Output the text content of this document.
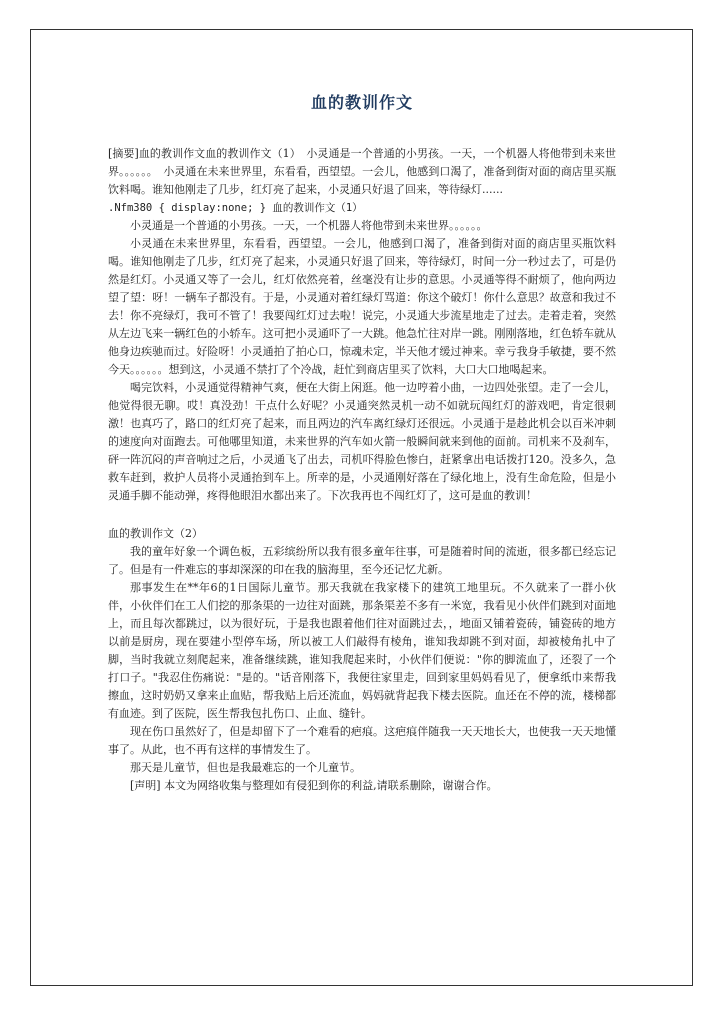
血的教训作文

[摘要]血的教训作文血的教训作文（1）　小灵通是一个普通的小男孩。一天，一个机器人将他带到未来世界。。。。。。　小灵通在未来世界里，东看看，西望望。一会儿，他感到口渴了，准备到街对面的商店里买瓶饮料喝。谁知他刚走了几步，红灯亮了起来，小灵通只好退了回来，等待绿灯......

.Nfm380 { display:none; } 血的教训作文（1）

小灵通是一个普通的小男孩。一天，一个机器人将他带到未来世界。。。。。。

小灵通在未来世界里，东看看，西望望。一会儿，他感到口渴了，准备到街对面的商店里买瓶饮料喝。谁知他刚走了几步，红灯亮了起来，小灵通只好退了回来，等待绿灯，时间一分一秒过去了，可是仍然是红灯。小灵通又等了一会儿，红灯依然亮着，丝毫没有让步的意思。小灵通等得不耐烦了，他向两边望了望：呀！一辆车子都没有。于是，小灵通对着红绿灯骂道：你这个破灯！你什么意思？故意和我过不去！你不亮绿灯，我可不管了！我要闯红灯过去啦！说完，小灵通大步流星地走了过去。走着走着，突然从左边飞来一辆红色的小轿车。这可把小灵通吓了一大跳。他急忙往对岸一跳。刚刚落地，红色轿车就从他身边疾驰而过。好险呀！小灵通拍了拍心口，惊魂未定，半天他才缓过神来。幸亏我身手敏捷，要不然今天。。。。。。想到这，小灵通不禁打了个冷战，赶忙到商店里买了饮料，大口大口地喝起来。

喝完饮料，小灵通觉得精神气爽，便在大街上闲逛。他一边哼着小曲，一边四处张望。走了一会儿，他觉得很无聊。哎！真没劲！干点什么好呢？小灵通突然灵机一动不如就玩闯红灯的游戏吧，肯定很刺激！也真巧了，路口的红灯亮了起来，而且两边的汽车离红绿灯还很远。小灵通于是趁此机会以百米冲刺的速度向对面跑去。可他哪里知道，未来世界的汽车如火箭一般瞬间就来到他的面前。司机来不及刹车，砰一阵沉闷的声音响过之后，小灵通飞了出去，司机吓得脸色惨白，赶紧拿出电话拨打120。没多久，急救车赶到，救护人员将小灵通抬到车上。所幸的是，小灵通刚好落在了绿化地上，没有生命危险，但是小灵通手脚不能动弹，疼得他眼泪水都出来了。下次我再也不闯红灯了，这可是血的教训！

血的教训作文（2）

我的童年好象一个调色板，五彩缤纷所以我有很多童年往事，可是随着时间的流逝，很多都已经忘记了。但是有一件难忘的事却深深的印在我的脑海里，至今还记忆尤新。

那事发生在**年6的1日国际儿童节。那天我就在我家楼下的建筑工地里玩。不久就来了一群小伙伴，小伙伴们在工人们挖的那条渠的一边往对面跳，那条渠差不多有一米宽，我看见小伙伴们跳到对面地上，而且每次都跳过，以为很好玩，于是我也跟着他们往对面跳过去，，地面又铺着瓷砖，铺瓷砖的地方以前是厨房，现在要建小型停车场，所以被工人们敲得有棱角，谁知我却跳不到对面，却被棱角扎中了脚，当时我就立刻爬起来，准备继续跳，谁知我爬起来时，小伙伴们便说："你的脚流血了，还裂了一个打口子。"我忍住伤痛说："是的。"话音刚落下，我便往家里走，回到家里妈妈看见了，便拿纸巾来帮我擦血，这时奶奶又拿来止血贴，帮我贴上后还流血，妈妈就背起我下楼去医院。血还在不停的流，楼梯都有血迹。到了医院，医生帮我包扎伤口、止血、缝针。

现在伤口虽然好了，但是却留下了一个难看的疤痕。这疤痕伴随我一天天地长大，也使我一天天地懂事了。从此，也不再有这样的事情发生了。

那天是儿童节，但也是我最难忘的一个儿童节。

[声明] 本文为网络收集与整理如有侵犯到你的利益,请联系删除，谢谢合作。
